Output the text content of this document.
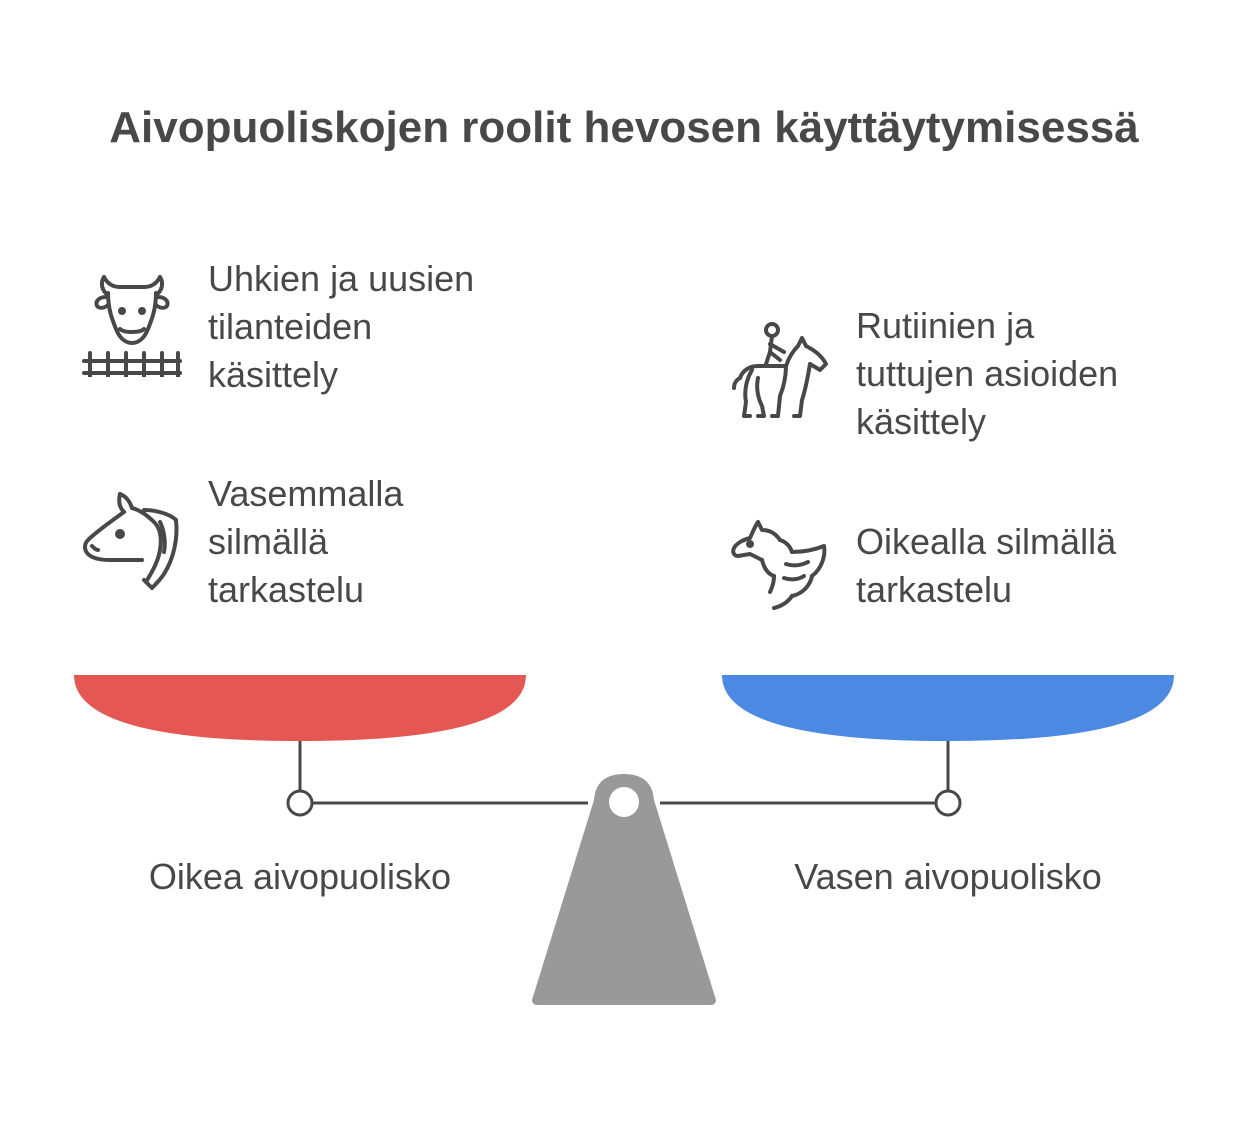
Aivopuoliskojen roolit hevosen käyttäytymisessä
Uhkien ja uusien
tilanteiden
käsittely
Vasemmalla
silmällä
tarkastelu
Rutiinien ja
tuttujen asioiden
käsittely
Oikealla silmällä
tarkastelu
Oikea aivopuolisko	Vasen aivopuolisko
